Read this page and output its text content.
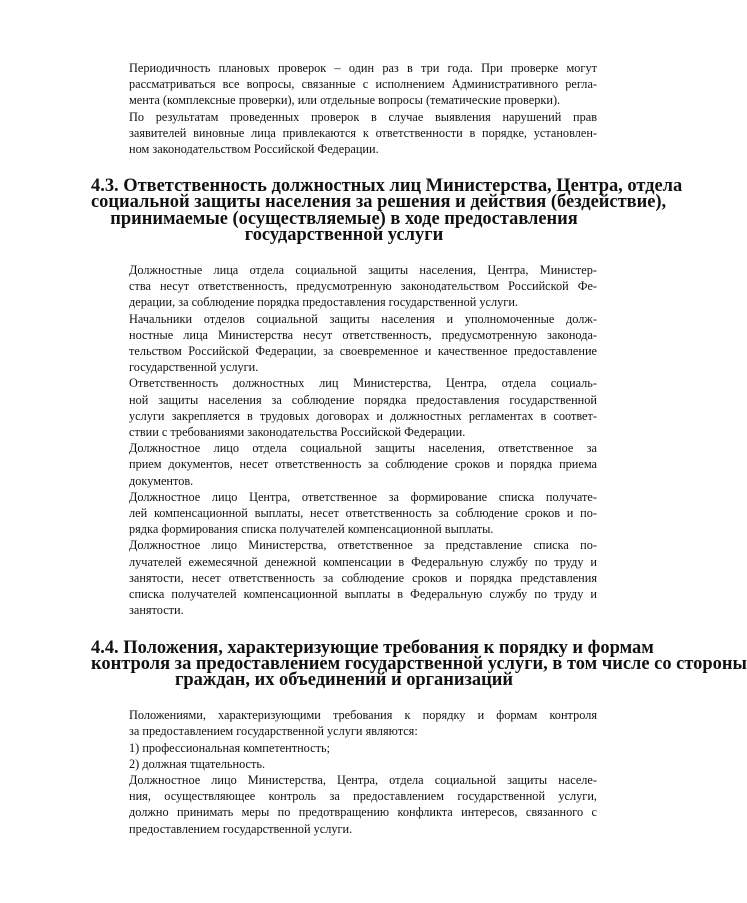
Периодичность плановых проверок – один раз в три года. При проверке могут
рассматриваться все вопросы, связанные с исполнением Административного регла-
мента (комплексные проверки), или отдельные вопросы (тематические проверки).

По результатам проведенных проверок в случае выявления нарушений прав
заявителей виновные лица привлекаются к ответственности в порядке, установлен-
ном законодательством Российской Федерации.

4.3. Ответственность должностных лиц Министерства, Центра, отдела
социальной защиты населения за решения и действия (бездействие),
принимаемые (осуществляемые) в ходе предоставления
государственной услуги

Должностные лица отдела социальной защиты населения, Центра, Министер-
ства несут ответственность, предусмотренную законодательством Российской Фе-
дерации, за соблюдение порядка предоставления государственной услуги.

Начальники отделов социальной защиты населения и уполномоченные долж-
ностные лица Министерства несут ответственность, предусмотренную законода-
тельством Российской Федерации, за своевременное и качественное предоставление
государственной услуги.

Ответственность должностных лиц Министерства, Центра, отдела социаль-
ной защиты населения за соблюдение порядка предоставления государственной
услуги закрепляется в трудовых договорах и должностных регламентах в соответ-
ствии с требованиями законодательства Российской Федерации.

Должностное лицо отдела социальной защиты населения, ответственное за
прием документов, несет ответственность за соблюдение сроков и порядка приема
документов.

Должностное лицо Центра, ответственное за формирование списка получате-
лей компенсационной выплаты, несет ответственность за соблюдение сроков и по-
рядка формирования списка получателей компенсационной выплаты.

Должностное лицо Министерства, ответственное за представление списка по-
лучателей ежемесячной денежной компенсации в Федеральную службу по труду и
занятости, несет ответственность за соблюдение сроков и порядка представления
списка получателей компенсационной выплаты в Федеральную службу по труду и
занятости.

4.4. Положения, характеризующие требования к порядку и формам
контроля за предоставлением государственной услуги, в том числе со стороны
граждан, их объединений и организаций

Положениями, характеризующими требования к порядку и формам контроля
за предоставлением государственной услуги являются:

1) профессиональная компетентность;

2) должная тщательность.

Должностное лицо Министерства, Центра, отдела социальной защиты населе-
ния, осуществляющее контроль за предоставлением государственной услуги,
должно принимать меры по предотвращению конфликта интересов, связанного с
предоставлением государственной услуги.
